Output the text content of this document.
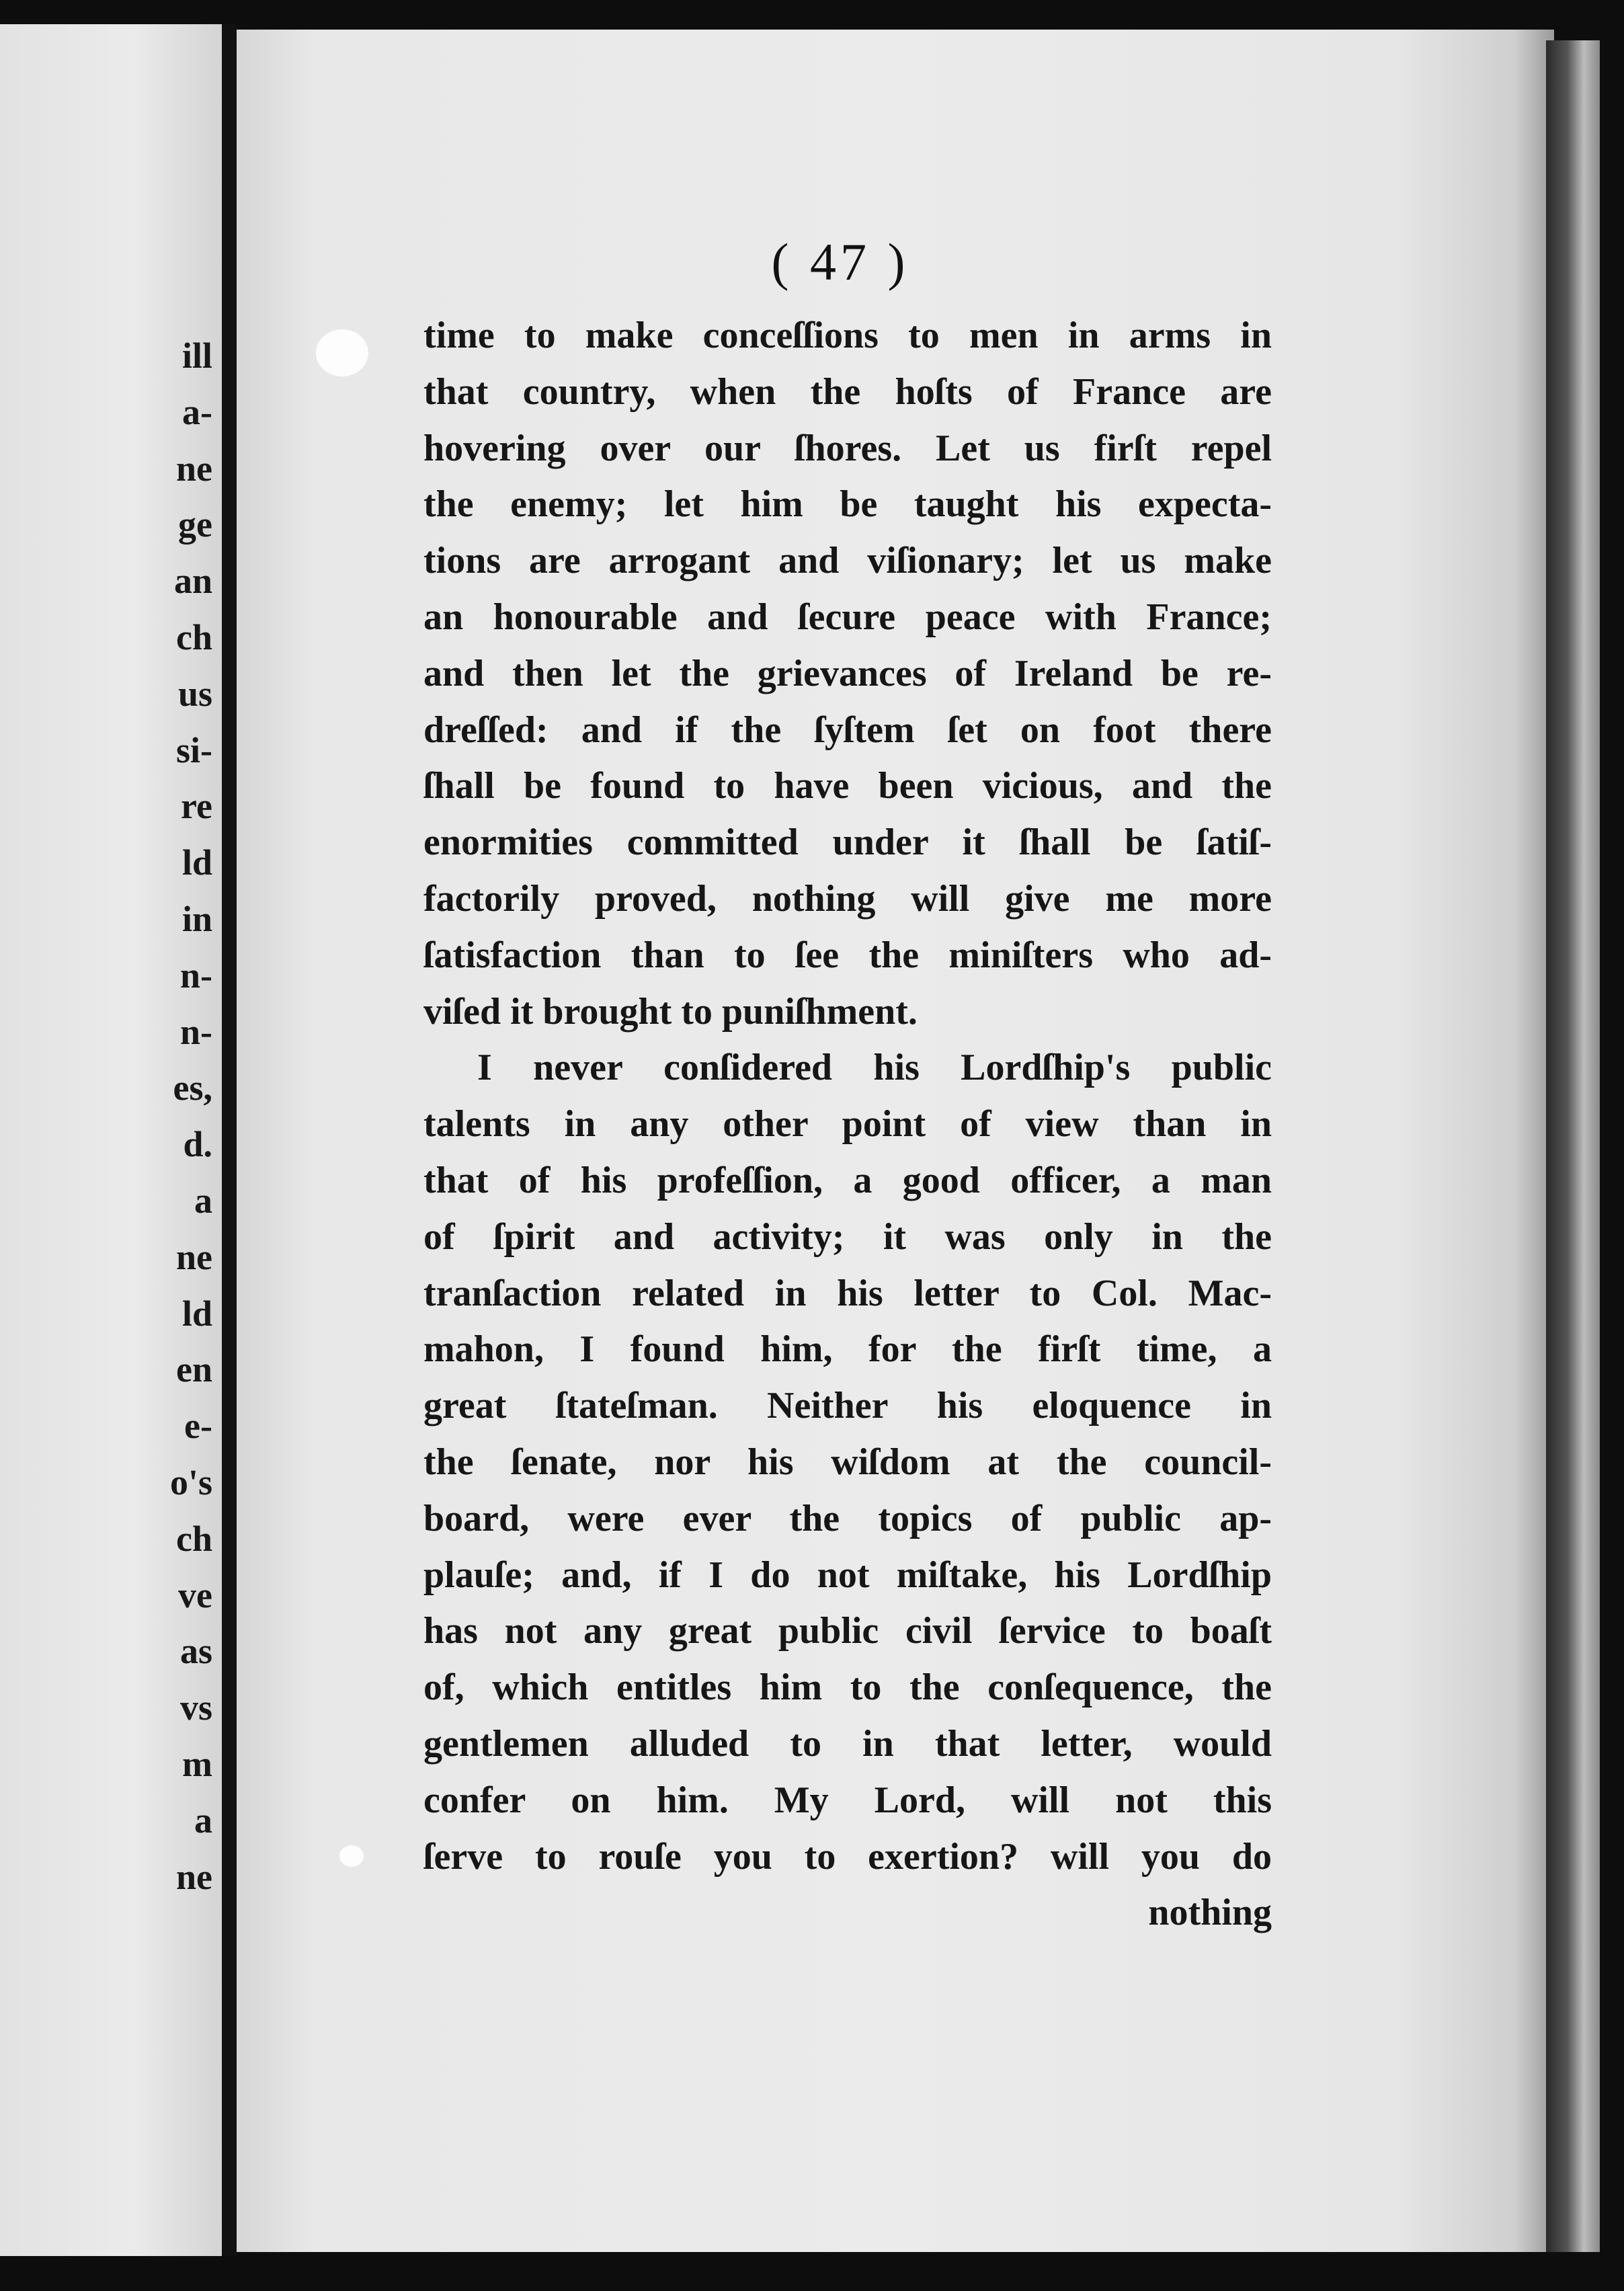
ill
a-
ne
ge
an
ch
us
si-
re
ld
in
n-
n-
es,
d.
a
ne
ld
en
e-
o's
ch
ve
as
vs
m
a
ne
( 47 )
time to make conceſſions to men in arms in
that country, when the hoſts of France are
hovering over our ſhores. Let us firſt repel
the enemy; let him be taught his expecta-
tions are arrogant and viſionary; let us make
an honourable and ſecure peace with France;
and then let the grievances of Ireland be re-
dreſſed: and if the ſyſtem ſet on foot there
ſhall be found to have been vicious, and the
enormities committed under it ſhall be ſatiſ-
factorily proved, nothing will give me more
ſatisfaction than to ſee the miniſters who ad-
viſed it brought to puniſhment.
I never conſidered his Lordſhip's public
talents in any other point of view than in
that of his profeſſion, a good officer, a man
of ſpirit and activity; it was only in the
tranſaction related in his letter to Col. Mac-
mahon, I found him, for the firſt time, a
great ſtateſman. Neither his eloquence in
the ſenate, nor his wiſdom at the council-
board, were ever the topics of public ap-
plauſe; and, if I do not miſtake, his Lordſhip
has not any great public civil ſervice to boaſt
of, which entitles him to the conſequence, the
gentlemen alluded to in that letter, would
confer on him. My Lord, will not this
ſerve to rouſe you to exertion? will you do
nothing
